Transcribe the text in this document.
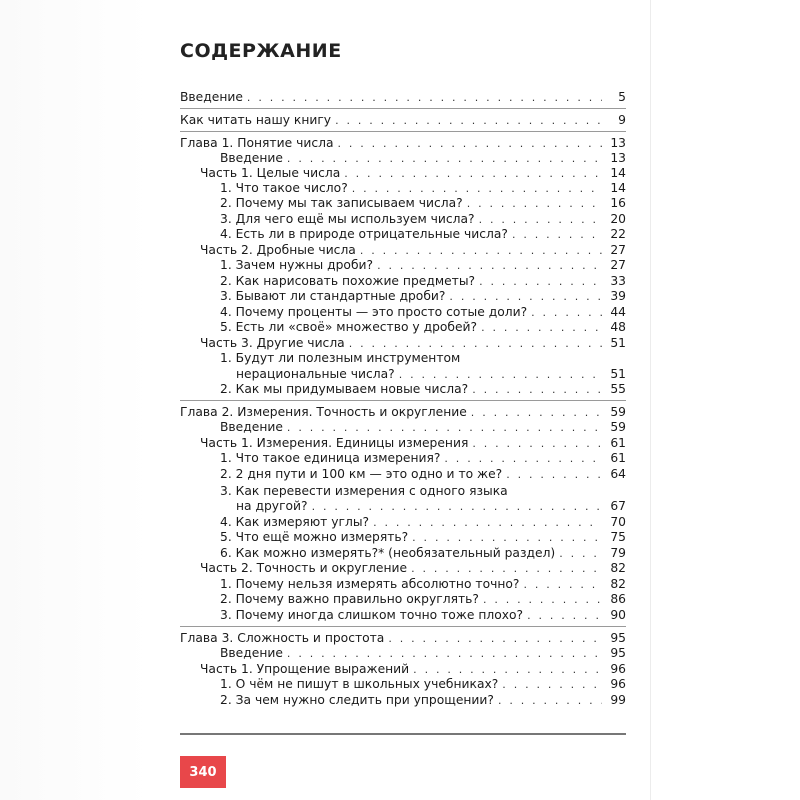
СОДЕРЖАНИЕ
Введение . . .	5
Как читать нашу книгу . . .	9
Глава 1. Понятие числа . . .	13
Введение . . .	13
Часть 1. Целые числа . . .	14
1. Что такое число? . . .	14
2. Почему мы так записываем числа? . . .	16
3. Для чего ещё мы используем числа? . . .	20
4. Есть ли в природе отрицательные числа? . . .	22
Часть 2. Дробные числа . . .	27
1. Зачем нужны дроби? . . .	27
2. Как нарисовать похожие предметы? . . .	33
3. Бывают ли стандартные дроби? . . .	39
4. Почему проценты — это просто сотые доли? . . .	44
5. Есть ли «своё» множество у дробей? . . .	48
Часть 3. Другие числа . . .	51
1. Будут ли полезным инструментом
нерациональные числа? . . .	51
2. Как мы придумываем новые числа? . . .	55
Глава 2. Измерения. Точность и округление . . .	59
Введение . . .	59
Часть 1. Измерения. Единицы измерения . . .	61
1. Что такое единица измерения? . . .	61
2. 2 дня пути и 100 км — это одно и то же? . . .	64
3. Как перевести измерения с одного языка
на другой? . . .	67
4. Как измеряют углы? . . .	70
5. Что ещё можно измерять? . . .	75
6. Как можно измерять?* (необязательный раздел) . . .	79
Часть 2. Точность и округление . . .	82
1. Почему нельзя измерять абсолютно точно? . . .	82
2. Почему важно правильно округлять? . . .	86
3. Почему иногда слишком точно тоже плохо? . . .	90
Глава 3. Сложность и простота . . .	95
Введение . . .	95
Часть 1. Упрощение выражений . . .	96
1. О чём не пишут в школьных учебниках? . . .	96
2. За чем нужно следить при упрощении? . . .	99
340
